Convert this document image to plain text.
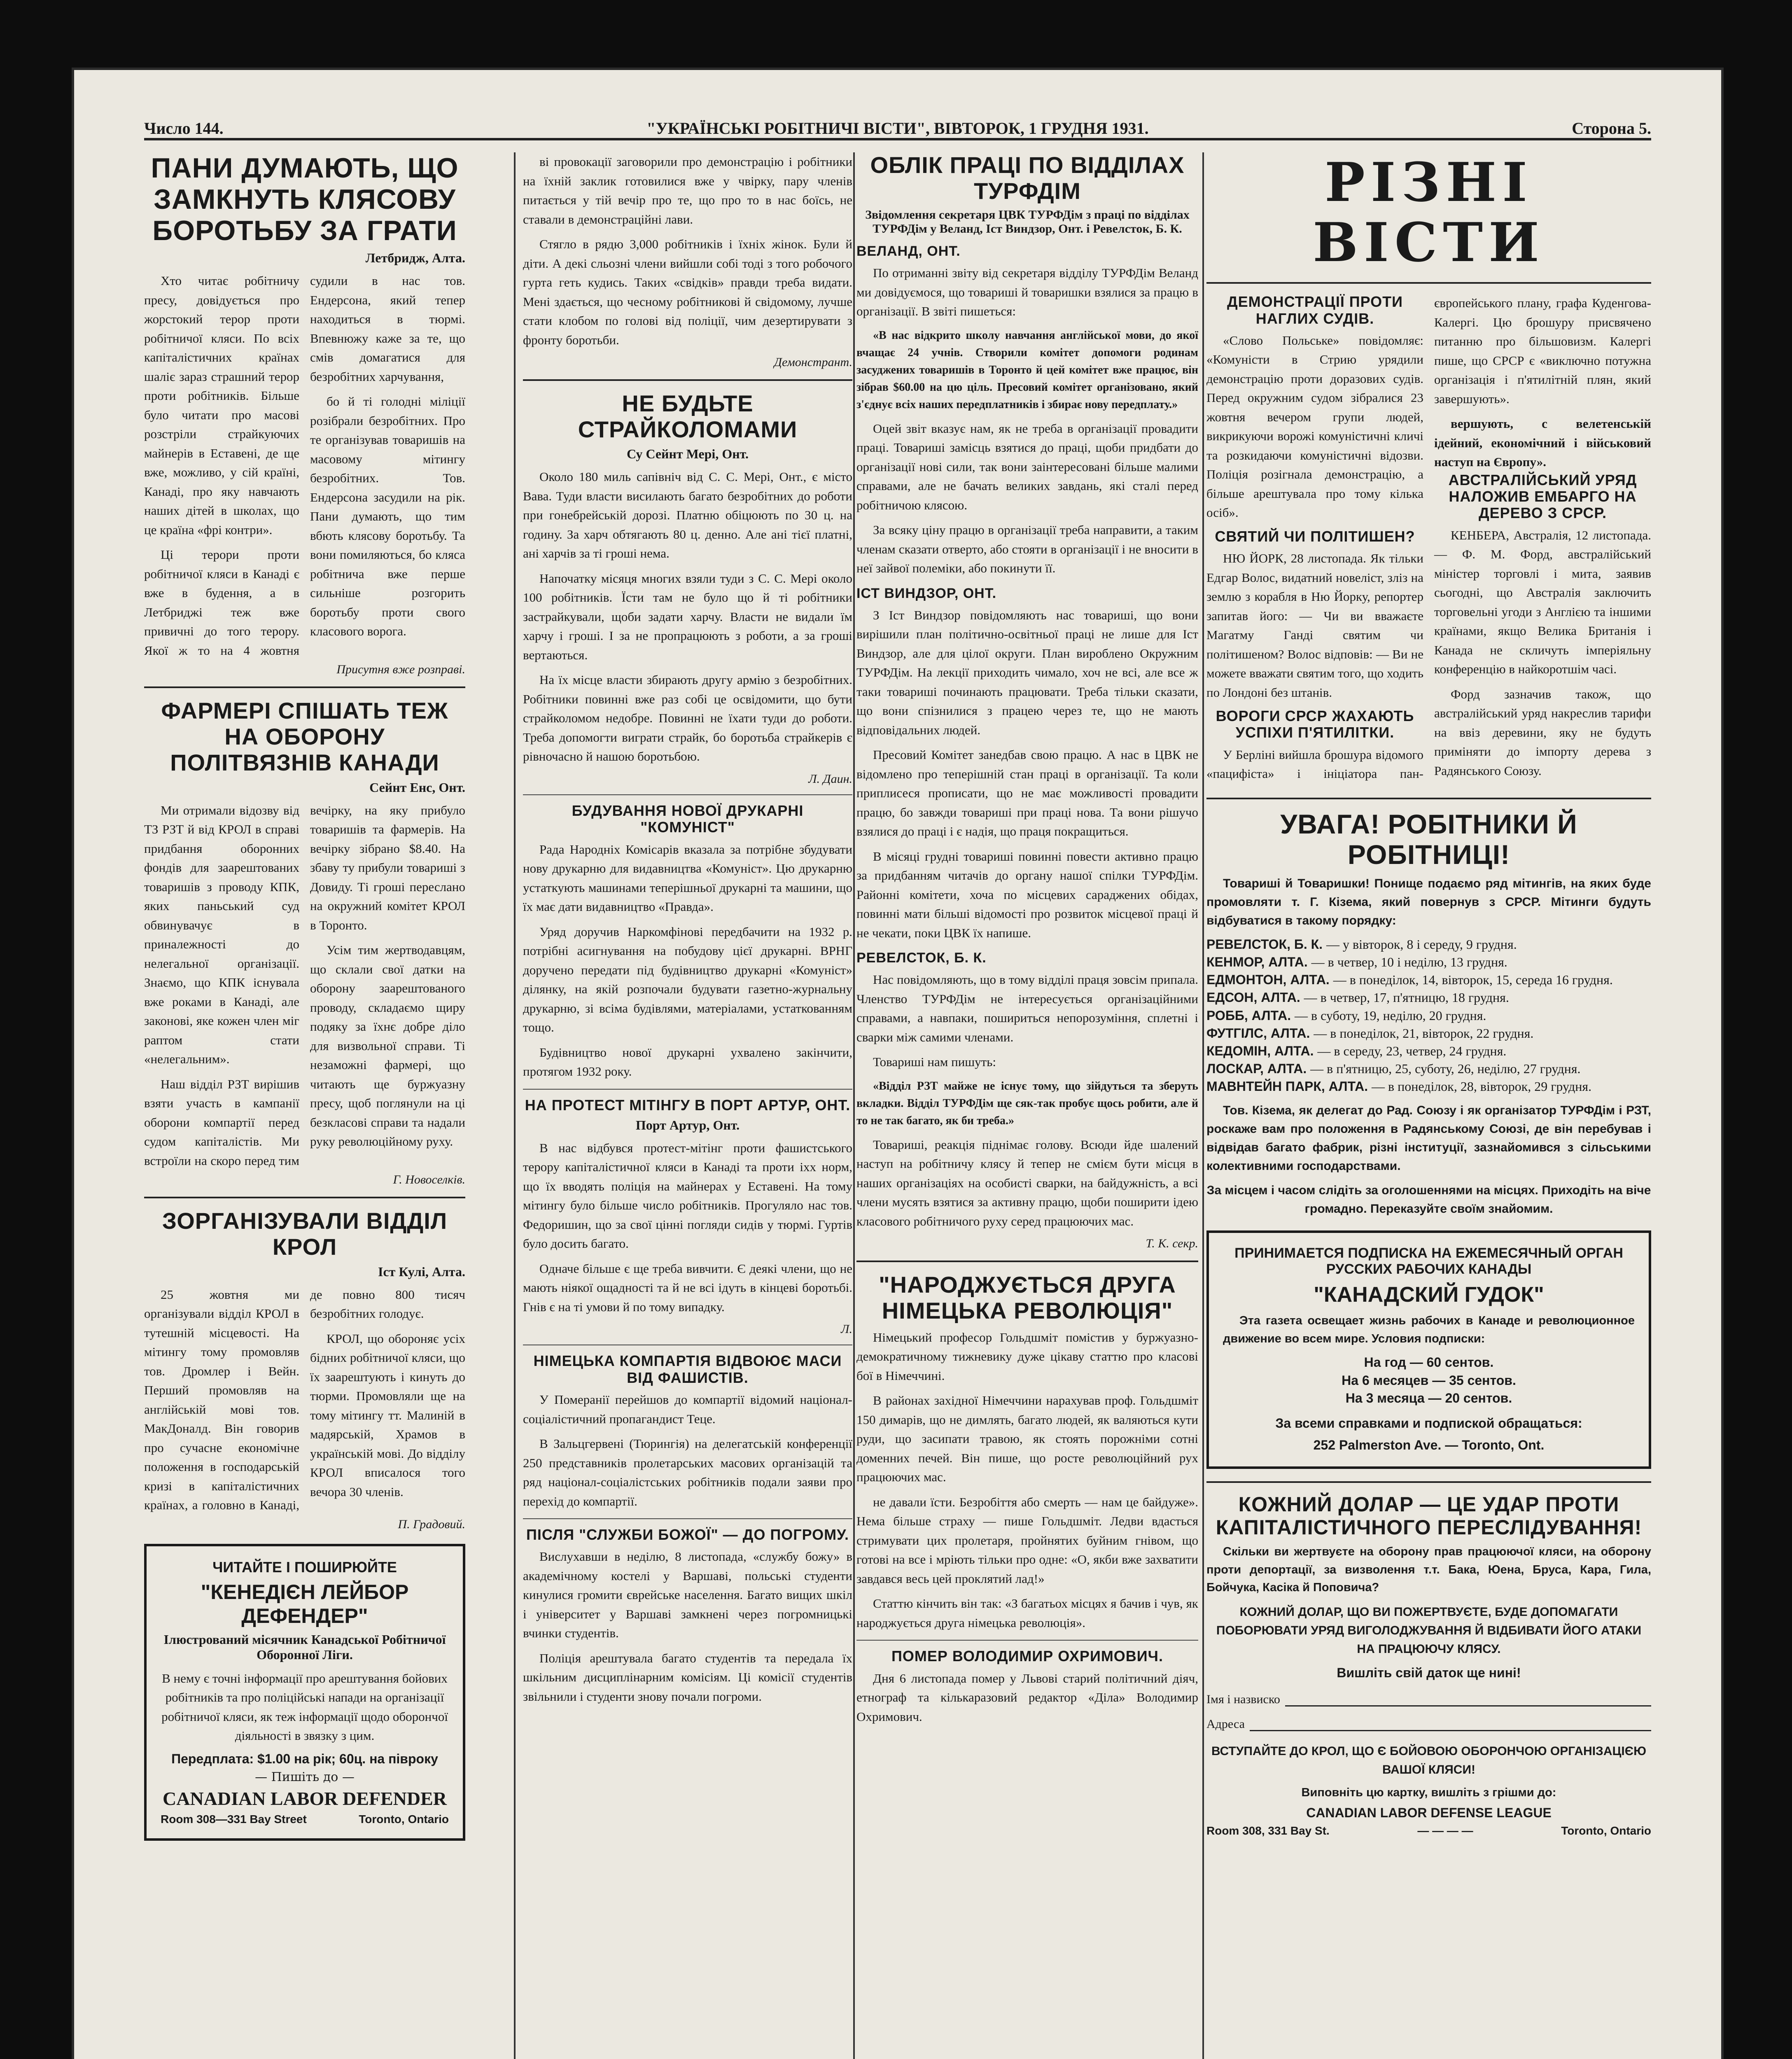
Число 144.	"УКРАЇНСЬКІ РОБІТНИЧІ ВІСТИ", ВІВТОРОК, 1 ГРУДНЯ 1931.	Сторона 5.
ПАНИ ДУМАЮТЬ, ЩО ЗАМКНУТЬ КЛЯСОВУ БОРОТЬБУ ЗА ГРАТИ
Летбридж, Алта.

Хто читає робітничу пресу, довідується про жорстокий терор проти робітничої кляси. По всіх капіталістичних країнах шаліє зараз страшний терор проти робітників. Більше було читати про масові розстріли страйкуючих майнерів в Еставені, де ще вже, можливо, у сій країні, Канаді, про яку навчають наших дітей в школах, що це країна «фрі контри».

Ці терори проти робітничої кляси в Канаді є вже в будення, а в Летбриджі теж вже привичні до того терору. Якої ж то на 4 жовтня судили в нас тов. Ендерсона, який тепер находиться в тюрмі. Впевнюжу каже за те, що смів домагатися для безробітних харчування,

бо й ті голодні міліції розібрали безробітних. Про те організував товаришів на масовому мітингу безробітних. Тов. Ендерсона засудили на рік. Пани думають, що тим вбють клясову боротьбу. Та вони помиляються, бо кляса робітнича вже перше сильніше розгорить боротьбу проти свого класового ворога.

Присутня вже розправі.
ФАРМЕРІ СПІШАТЬ ТЕЖ НА ОБОРОНУ ПОЛІТВЯЗНІВ КАНАДИ
Сейнт Енс, Онт.

Ми отримали відозву від ТЗ РЗТ й від КРОЛ в справі придбання оборонних фондів для заарештованих товаришів з проводу КПК, яких паньський суд обвинувачує в приналежності до нелегальної організації. Знаємо, що КПК існувала вже роками в Канаді, але законові, яке кожен член міг раптом стати «нелегальним».

Наш відділ РЗТ вирішив взяти участь в кампанії оборони компартії перед судом капіталістів. Ми встроїли на скоро перед тим вечірку, на яку прибуло товаришів та фармерів. На вечірку зібрано $8.40. На збаву ту прибули товариші з Довиду. Ті гроші переслано на окружний комітет КРОЛ в Торонто.

Усім тим жертводавцям, що склали свої датки на оборону заарештованого проводу, складаємо щиру подяку за їхнє добре діло для визвольної справи. Ті незаможні фармері, що читають ще буржуазну пресу, щоб поглянули на ці безкласові справи та надали руку революційному руху.

Г. Новоселків.
ЗОРГАНІЗУВАЛИ ВІДДІЛ КРОЛ
Іст Кулі, Алта.

25 жовтня ми організували відділ КРОЛ в тутешній місцевості. На мітингу тому промовляв тов. Дромлер і Вейн. Перший промовляв на англійській мові тов. МакДоналд. Він говорив про сучасне економічне положення в господарській кризі в капіталістичних країнах, а головно в Канаді, де повно 800 тисяч безробітних голодує.

КРОЛ, що обороняє усіх бідних робітничої кляси, що їх заарештують і кинуть до тюрми. Промовляли ще на тому мітингу тт. Малиній в мадярській, Храмов в українській мові. До відділу КРОЛ вписалося того вечора 30 членів.

П. Градовий.
ЧИТАЙТЕ І ПОШИРЮЙТЕ
"КЕНЕДІЄН ЛЕЙБОР ДЕФЕНДЕР"
Ілюстрований місячник Канадської Робітничої Оборонної Ліги.

В нему є точні інформації про арештування бойових робітників та про поліційські напади на організації робітничої кляси, як теж інформації щодо оборончої діяльності в звязку з цим.

Передплата: $1.00 на рік; 60ц. на півроку
— Пишіть до —
CANADIAN LABOR DEFENDER
Room 308—331 Bay Street	Toronto, Ontario

ві провокації заговорили про демонстрацію і робітники на їхній заклик готовилися вже у чвірку, пару членів питається у тій вечір про те, що про то в нас боїсь, не ставали в демонстраційні лави.

Стягло в рядю 3,000 робітників і їхніх жінок. Були й діти. А декі сльозні члени вийшли собі тоді з того робочого гурта геть кудись. Таких «свідків» правди треба видати. Мені здається, що чесному робітникові й свідомому, лучше стати клобом по голові від поліції, чим дезертирувати з фронту боротьби.

Демонстрант.
НЕ БУДЬТЕ СТРАЙКОЛОМАМИ
Су Сейнт Мері, Онт.

Около 180 миль сапівніч від С. С. Мері, Онт., є місто Вава. Туди власти висилають багато безробітних до роботи при гонебрейській дорозі. Платню обіцюють по 30 ц. на годину. За харч обтягають 80 ц. денно. Але ані тієї платні, ані харчів за ті гроші нема.

Напочатку місяця многих взяли туди з С. С. Мері около 100 робітників. Їсти там не було що й ті робітники застрайкували, щоби задати харчу. Власти не видали їм харчу і гроші. І за не пропрацюють з роботи, а за гроші вертаються.

На їх місце власти збирають другу армію з безробітних. Робітники повинні вже раз собі це освідомити, що бути страйколомом недобре. Повинні не їхати туди до роботи. Треба допомогти виграти страйк, бо боротьба страйкерів є рівночасно й нашою боротьбою.

Л. Даин.
БУДУВАННЯ НОВОЇ ДРУКАРНІ "КОМУНІСТ"

Рада Народніх Комісарів вказала за потрібне збудувати нову друкарню для видавництва «Комуніст». Цю друкарню устаткують машинами теперішньої друкарні та машини, що їх має дати видавництво «Правда».

Уряд доручив Наркомфінові передбачити на 1932 р. потрібні асигнування на побудову цієї друкарні. ВРНГ доручено передати під будівництво друкарні «Комуніст» ділянку, на якій розпочали будувати газетно-журнальну друкарню, зі всіма будівлями, матеріалами, устаткованням тощо.

Будівництво нової друкарні ухвалено закінчити, протягом 1932 року.

НА ПРОТЕСТ МІТІНГУ В ПОРТ АРТУР, ОНТ.
Порт Артур, Онт.

В нас відбувся протест-мітінг проти фашистського терору капіталістичної кляси в Канаді та проти іхх норм, що їх вводять поліція на майнерах у Еставені. На тому мітингу було більше число робітників. Прогуляло нас тов. Федоришин, що за свої цінні погляди сидів у тюрмі. Гуртів було досить багато.

Одначе більше є ще треба вивчити. Є деякі члени, що не мають ніякої ощадності та й не всі ідуть в кінцеві боротьбі. Гнів є на ті умови й по тому випадку.

Л.
НІМЕЦЬКА КОМПАРТІЯ ВІДВОЮЄ МАСИ ВІД ФАШИСТІВ.

У Померанії перейшов до компартії відомий націонал-соціалістичний пропагандист Теце.

В Зальцгервені (Тюрингія) на делегатській конференції 250 представників пролетарських масових організацій та ряд націонал-соціалістських робітників подали заяви про перехід до компартії.

ПІСЛЯ "СЛУЖБИ БОЖОЇ" — ДО ПОГРОМУ.

Вислухавши в неділю, 8 листопада, «службу божу» в академічному костелі у Варшаві, польські студенти кинулися громити єврейське населення. Багато вищих шкіл і університет у Варшаві замкнені через погромницькі вчинки студентів.

Поліція арештувала багато студентів та передала їх шкільним дисциплінарним комісіям. Ці комісії студентів звільнили і студенти знову почали погроми.

ОБЛІК ПРАЦІ ПО ВІДДІЛАХ ТУРФДІМ
Звідомлення секретаря ЦВК ТУРФДім з праці по відділах ТУРФДім у Веланд, Іст Виндзор, Онт. і Ревелсток, Б. К.
ВЕЛАНД, ОНТ.

По отриманні звіту від секретаря відділу ТУРФДім Веланд ми довідуємося, що товариші й товаришки взялися за працю в організації. В звіті пишеться:

«В нас відкрито школу навчання англійської мови, до якої вчащає 24 учнів. Створили комітет допомоги родинам засуджених товаришів в Торонто й цей комітет вже працює, він зібрав $60.00 на цю ціль. Пресовий комітет організовано, який з'єднує всіх наших передплатників і збирає нову передплату.»

Оцей звіт вказує нам, як не треба в організації провадити праці. Товариші замісць взятися до праці, щоби придбати до організації нові сили, так вони заінтересовані більше малими справами, але не бачать великих завдань, які сталі перед робітничою клясою.

За всяку ціну працю в організації треба направити, а таким членам сказати отверто, або стояти в організації і не вносити в неї зайвої полеміки, або покинути її.

ІСТ ВИНДЗОР, ОНТ.

З Іст Виндзор повідомляють нас товариші, що вони вирішили план політично-освітньої праці не лише для Іст Виндзор, але для цілої округи. План вироблено Окружним ТУРФДім. На лекції приходить чимало, хоч не всі, але все ж таки товариші починають працювати. Треба тільки сказати, що вони спізнилися з працею через те, що не мають відповідальних людей.

Пресовий Комітет занедбав свою працю. А нас в ЦВК не відомлено про теперішній стан праці в організації. Та коли приплисеся прописати, що не має можливості провадити працю, бо завжди товариші при праці нова. Та вони рішучо взялися до праці і є надія, що праця покращиться.

В місяці грудні товариші повинні повести активно працю за придбанням читачів до органу нашої спілки ТУРФДім. Районні комітети, хоча по місцевих сараджених обідах, повинні мати більші відомості про розвиток місцевої праці й не чекати, поки ЦВК їх напише.

РЕВЕЛСТОК, Б. К.

Нас повідомляють, що в тому відділі праця зовсім припала. Членство ТУРФДім не інтересується організаційними справами, а навпаки, пошириться непорозуміння, сплетні і сварки між самими членами.

Товариші нам пишуть:

«Відділ РЗТ майже не існує тому, що зійдуться та зберуть вкладки. Відділ ТУРФДім ще сяк-так пробує щось робити, але й то не так багато, як би треба.»

Товариші, реакція піднімає голову. Всюди йде шалений наступ на робітничу клясу й тепер не смієм бути місця в наших організаціях на особисті сварки, на байдужність, а всі члени мусять взятися за активну працю, щоби поширити ідею класового робітничого руху серед працюючих мас.

Т. К. секр.
"НАРОДЖУЄТЬСЯ ДРУГА НІМЕЦЬКА РЕВОЛЮЦІЯ"

Німецький професор Гольдшміт помістив у буржуазно-демократичному тижневику дуже цікаву статтю про класові бої в Німеччині.

В районах західної Німеччини нарахував проф. Гольдшміт 150 димарів, що не димлять, багато людей, як валяються кути руди, що засипати травою, як стоять порожніми сотні доменних печей. Він пише, що росте революційний рух працюючих мас.

не давали їсти. Безробіття або смерть — нам це байдуже». Нема більше страху — пише Гольдшміт. Ледви вдасться стримувати цих пролетаря, пройнятих буйним гнівом, що готові на все і мріють тільки про одне: «О, якби вже захватити завдався весь цей проклятий лад!»

Статтю кінчить він так: «З багатьох місцях я бачив і чув, як народжується друга німецька революція».

ПОМЕР ВОЛОДИМИР ОХРИМОВИЧ.

Дня 6 листопада помер у Львові старий політичний діяч, етнограф та кількаразовий редактор «Діла» Володимир Охримович.

РІЗНІ ВІСТИ
ДЕМОНСТРАЦІЇ ПРОТИ НАГЛИХ СУДІВ.

«Слово Польське» повідомляє: «Комуністи в Стрию урядили демонстрацію проти доразових судів. Перед окружним судом зібралися 23 жовтня вечером групи людей, викрикуючи ворожі комуністичні кличі та розкидаючи комуністичні відозви. Поліція розігнала демонстрацію, а більше арештувала про тому кілька осіб».

СВЯТИЙ ЧИ ПОЛІТИШЕН?

НЮ ЙОРК, 28 листопада. Як тільки Едгар Волос, видатний новеліст, зліз на землю з корабля в Ню Йорку, репортер запитав його: — Чи ви вважаєте Магатму Ганді святим чи політишеном? Волос відповів: — Ви не можете вважати святим того, що ходить по Лондоні без штанів.

ВОРОГИ СРСР ЖАХАЮТЬ УСПІХИ П'ЯТИЛІТКИ.

У Берліні вийшла брошура відомого «пацифіста» і ініціатора пан-європейського плану, графа Куденгова-Калергі. Цю брошуру присвячено питанню про більшовизм. Калергі пише, що СРСР є «виключно потужна організація і п'ятилітній плян, який завершують».

вершують, с велетенській ідейний, економічний і військовий наступ на Європу».

АВСТРАЛІЙСЬКИЙ УРЯД НАЛОЖИВ ЕМБАРГО НА ДЕРЕВО З СРСР.

КЕНБЕРА, Австралія, 12 листопада. — Ф. М. Форд, австралійський міністер торговлі і мита, заявив сьогодні, що Австралія заключить торговельні угоди з Англією та іншими країнами, якщо Велика Британія і Канада не скличуть імперіяльну конференцію в найкоротшім часі.

Форд зазначив також, що австралійський уряд накреслив тарифи на ввіз деревини, яку не будуть приміняти до імпорту дерева з Радянського Союзу.

УВАГА! РОБІТНИКИ Й РОБІТНИЦІ!

Товариші й Товаришки! Понище подаємо ряд мітингів, на яких буде промовляти т. Г. Кізема, який повернув з СРСР. Мітинги будуть відбуватися в такому порядку:

РЕВЕЛСТОК, Б. К. — у вівторок, 8 і середу, 9 грудня.
КЕНМОР, АЛТА. — в четвер, 10 і неділю, 13 грудня.
ЕДМОНТОН, АЛТА. — в понеділок, 14, вівторок, 15, середа 16 грудня.
ЕДСОН, АЛТА. — в четвер, 17, п'ятницю, 18 грудня.
РОББ, АЛТА. — в суботу, 19, неділю, 20 грудня.
ФУТГІЛС, АЛТА. — в понеділок, 21, вівторок, 22 грудня.
КЕДОМІН, АЛТА. — в середу, 23, четвер, 24 грудня.
ЛОСКАР, АЛТА. — в п'ятницю, 25, суботу, 26, неділю, 27 грудня.
МАВНТЕЙН ПАРК, АЛТА. — в понеділок, 28, вівторок, 29 грудня.

Тов. Кізема, як делегат до Рад. Союзу і як організатор ТУРФДім і РЗТ, роскаже вам про положення в Радянському Союзі, де він перебував і відвідав багато фабрик, різні інституції, зазнайомився з сільськими колективними господарствами.

За місцем і часом слідіть за оголошеннями на місцях. Приходіть на віче громадно. Переказуйте своїм знайомим.

ПРИНИМАЕТСЯ ПОДПИСКА НА ЕЖЕМЕСЯЧНЫЙ ОРГАН РУССКИХ РАБОЧИХ КАНАДЫ
"КАНАДСКИЙ ГУДОК"

Эта газета освещает жизнь рабочих в Канаде и революционное движение во всем мире. Условия подписки:

На год — 60 сентов.
На 6 месяцев — 35 сентов.
На 3 месяца — 20 сентов.
За всеми справками и подпиской обращаться:
252 Palmerston Ave. — Toronto, Ont.
КОЖНИЙ ДОЛАР — ЦЕ УДАР ПРОТИ КАПІТАЛІСТИЧНОГО ПЕРЕСЛІДУВАННЯ!

Скільки ви жертвуєте на оборону прав працюючої кляси, на оборону проти депортації, за визволення т.т. Бака, Юена, Бруса, Кара, Гила, Бойчука, Касіка й Поповича?

КОЖНИЙ ДОЛАР, ЩО ВИ ПОЖЕРТВУЄТЕ, БУДЕ ДОПОМАГАТИ ПОБОРЮВАТИ УРЯД ВИГОЛОДЖУВАННЯ Й ВІДБИВАТИ ЙОГО АТАКИ НА ПРАЦЮЮЧУ КЛЯСУ.

Вишліть свій даток ще нині!
Імя і назвиско
Адреса

ВСТУПАЙТЕ ДО КРОЛ, ЩО Є БОЙОВОЮ ОБОРОНЧОЮ ОРГАНІЗАЦІЄЮ ВАШОЇ КЛЯСИ!

Виповніть цю картку, вишліть з грішми до:
CANADIAN LABOR DEFENSE LEAGUE
Room 308, 331 Bay St.	— — — —	Toronto, Ontario
